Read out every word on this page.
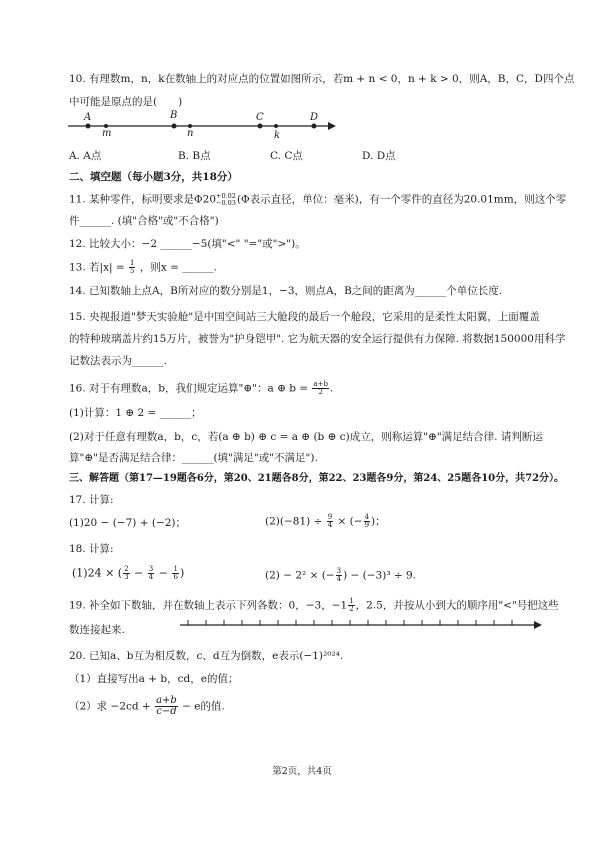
10. 有理数m，n，k在数轴上的对应点的位置如图所示，若m + n < 0，n + k > 0，则A，B，C，D四个点
中可能是原点的是(　　)
A	B	C	D
m	n	k
A. A点	B. B点	C. C点	D. D点
二、填空题（每小题3分，共18分）
11. 某种零件，标明要求是Φ20 +0.02
−0.03 (Φ表示直径，单位：毫米)，有一个零件的直径为20.01mm，则这个零
件______. (填"合格"或"不合格")
12. 比较大小：−2 ______−5(填"<" "="或">")。
13. 若$|x| = \frac{1}{5}$ ，则x = ______.
14. 已知数轴上点A，B所对应的数分别是1，−3，则点A，B之间的距离为______个单位长度.
15. 央视报道"梦天实验舱"是中国空间站三大舱段的最后一个舱段，它采用的是柔性太阳翼，上面覆盖
的特种玻璃盖片约15万片，被誉为"护身铠甲". 它为航天器的安全运行提供有力保障. 将数据150000用科学
记数法表示为______.
16. 对于有理数a，b，我们规定运算"⊕"：a ⊕ $b = \frac{a+b}{2}$ .
(1)计算：1 ⊕ 2 = ______；
(2)对于任意有理数a，b，c，若(a ⊕ b) ⊕ c = a ⊕ (b ⊕ c)成立，则称运算"⊕"满足结合律. 请判断运
算"⊕"是否满足结合律：______(填"满足"或"不满足").
三、解答题（第17—19题各6分，第20、21题各8分，第22、23题各9分，第24、25题各10分，共72分）。
17. 计算:
(1)20 − (−7) + (−2)；	$(2)(-81) \div \frac{9}{4}$ × (− $\frac{4}{9}$ )；
18. 计算:
(1)24 × ( $\frac{2}{3} - \frac{3}{4} - \frac{1}{6}$ )	(2) − 2² × (− $\frac{3}{4}$ ) − (−3)³ ÷ 9.
19. 补全如下数轴，并在数轴上表示下列各数：0，−3，$-1 \frac{1}{2}$ ，2.5，并按从小到大的顺序用"<"号把这些
数连接起来.
20. 已知a、b互为相反数，c、d互为倒数，e表示(−1)²⁰²⁴.
（1）直接写出a + b，cd，e的值；
（2）求 $-2cd + \frac{a+b}{c-d} - e$的值.
第2页，共4页
